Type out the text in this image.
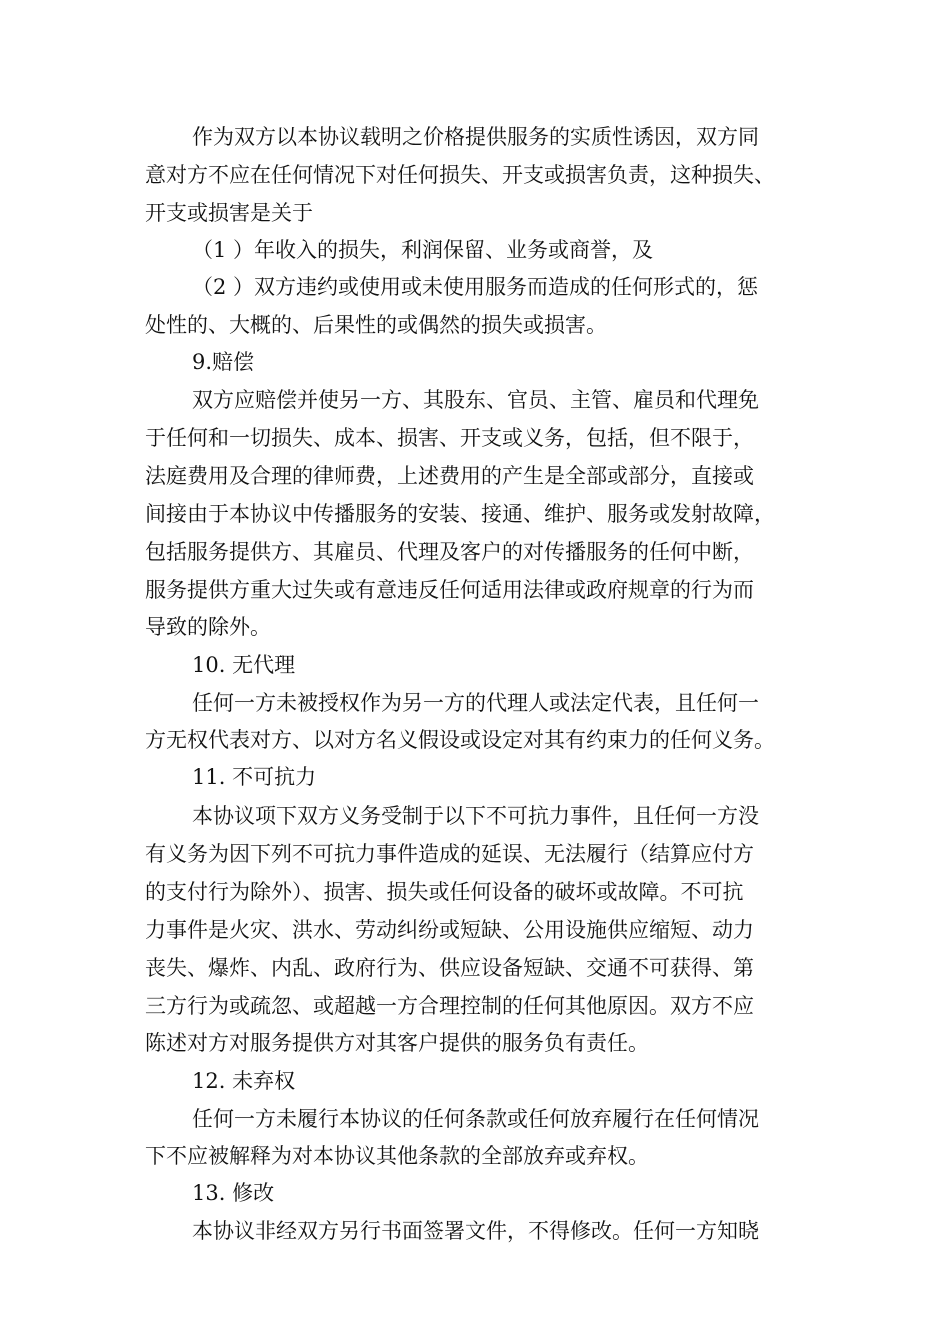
作为双方以本协议载明之价格提供服务的实质性诱因，双方同
意对方不应在任何情况下对任何损失、开支或损害负责，这种损失、
开支或损害是关于
（1 ）年收入的损失，利润保留、业务或商誉，及
（2 ）双方违约或使用或未使用服务而造成的任何形式的，惩
处性的、大概的、后果性的或偶然的损失或损害。
9.赔偿
双方应赔偿并使另一方、其股东、官员、主管、雇员和代理免
于任何和一切损失、成本、损害、开支或义务，包括，但不限于，
法庭费用及合理的律师费，上述费用的产生是全部或部分，直接或
间接由于本协议中传播服务的安装、接通、维护、服务或发射故障，
包括服务提供方、其雇员、代理及客户的对传播服务的任何中断，
服务提供方重大过失或有意违反任何适用法律或政府规章的行为而
导致的除外。
10. 无代理
任何一方未被授权作为另一方的代理人或法定代表，且任何一
方无权代表对方、以对方名义假设或设定对其有约束力的任何义务。
11. 不可抗力
本协议项下双方义务受制于以下不可抗力事件，且任何一方没
有义务为因下列不可抗力事件造成的延误、无法履行（结算应付方
的支付行为除外）、损害、损失或任何设备的破坏或故障。不可抗
力事件是火灾、洪水、劳动纠纷或短缺、公用设施供应缩短、动力
丧失、爆炸、内乱、政府行为、供应设备短缺、交通不可获得、第
三方行为或疏忽、或超越一方合理控制的任何其他原因。双方不应
陈述对方对服务提供方对其客户提供的服务负有责任。
12. 未弃权
任何一方未履行本协议的任何条款或任何放弃履行在任何情况
下不应被解释为对本协议其他条款的全部放弃或弃权。
13. 修改
本协议非经双方另行书面签署文件，不得修改。任何一方知晓
